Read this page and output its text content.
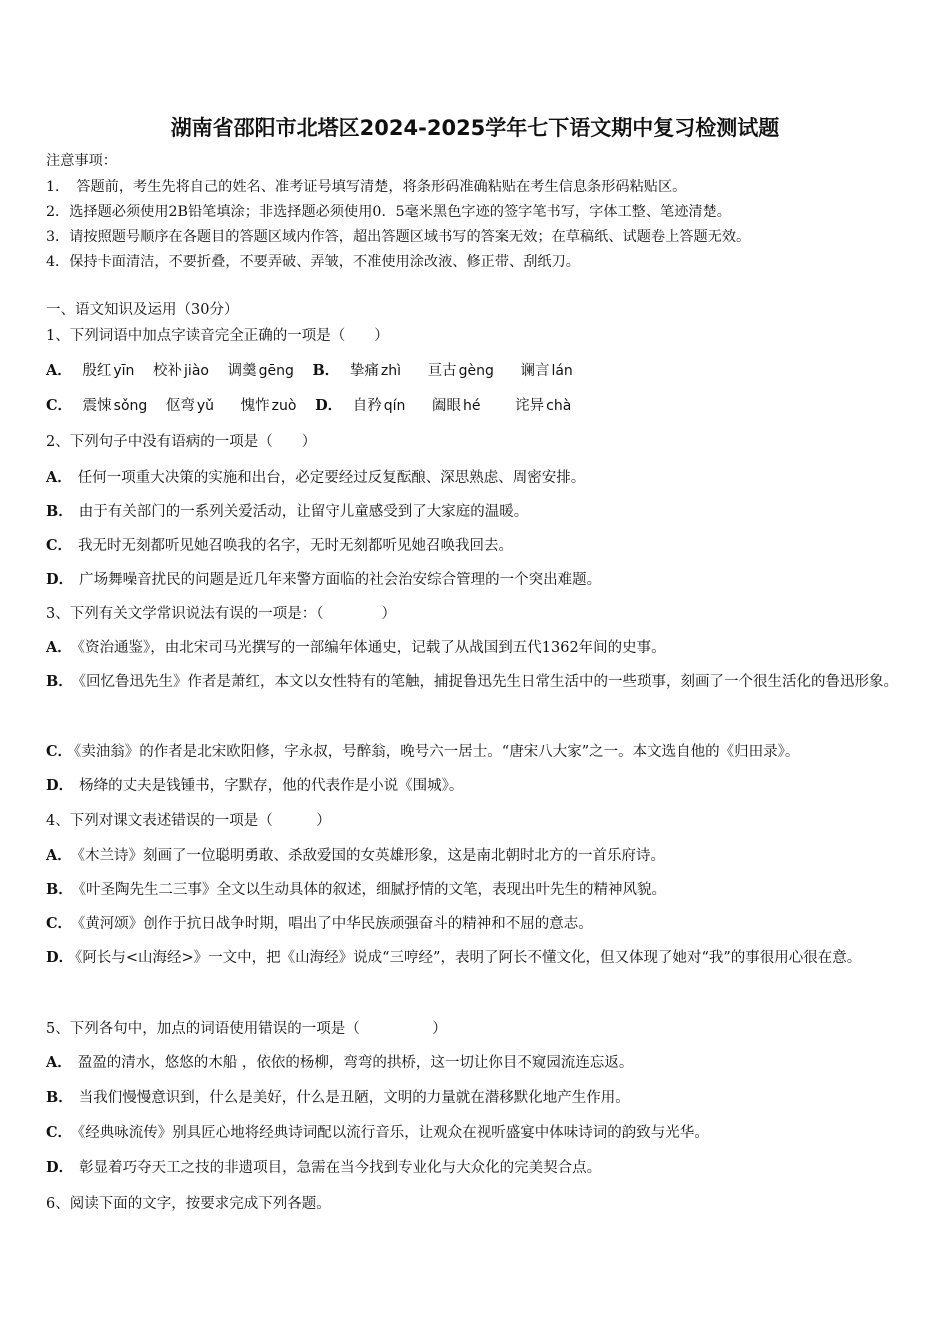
湖南省邵阳市北塔区2024-2025学年七下语文期中复习检测试题
注意事项：
1．　答题前，考生先将自己的姓名、准考证号填写清楚，将条形码准确粘贴在考生信息条形码粘贴区。
2．选择题必须使用2B铅笔填涂；非选择题必须使用0．5毫米黑色字迹的签字笔书写，字体工整、笔迹清楚。
3．请按照题号顺序在各题目的答题区域内作答，超出答题区域书写的答案无效；在草稿纸、试题卷上答题无效。
4．保持卡面清洁，不要折叠，不要弄破、弄皱，不准使用涂改液、修正带、刮纸刀。
一、语文知识及运用（30分）
1、下列词语中加点字读音完全正确的一项是（　　）
A． 殷红 yīn 校补 jiào 调羹 gēng B． 挚痛 zhì 亘古 gèng 谰言 lán
C． 震悚 sǒng 伛弯 yǔ 愧怍 zuò D． 自矜 qín 阖眼 hé 诧异 chà
2、下列句子中没有语病的一项是（　　）
A． 任何一项重大决策的实施和出台，必定要经过反复酝酿、深思熟虑、周密安排。
B． 由于有关部门的一系列关爱活动，让留守儿童感受到了大家庭的温暖。
C． 我无时无刻都听见她召唤我的名字，无时无刻都听见她召唤我回去。
D． 广场舞噪音扰民的问题是近几年来警方面临的社会治安综合管理的一个突出难题。
3、下列有关文学常识说法有误的一项是：（　　　　）
A． 《资治通鉴》，由北宋司马光撰写的一部编年体通史，记载了从战国到五代1362年间的史事。
B． 《回忆鲁迅先生》作者是萧红，本文以女性特有的笔触，捕捉鲁迅先生日常生活中的一些琐事，刻画了一个很生活化的鲁迅形象。
C． 《卖油翁》的作者是北宋欧阳修，字永叔，号醉翁，晚号六一居士。“唐宋八大家”之一。本文选自他的《归田录》。
D． 杨绛的丈夫是钱锺书，字默存，他的代表作是小说《围城》。
4、下列对课文表述错误的一项是（　　　）
A． 《木兰诗》刻画了一位聪明勇敢、杀敌爱国的女英雄形象，这是南北朝时北方的一首乐府诗。
B． 《叶圣陶先生二三事》全文以生动具体的叙述，细腻抒情的文笔，表现出叶先生的精神风貌。
C． 《黄河颂》创作于抗日战争时期，唱出了中华民族顽强奋斗的精神和不屈的意志。
D． 《阿长与<山海经>》一文中，把《山海经》说成“三哼经”，表明了阿长不懂文化，但又体现了她对“我”的事很用心很在意。
5、下列各句中，加点的词语使用错误的一项是（　　　　　）
A． 盈盈的清水，悠悠的木船 ，依依的杨柳，弯弯的拱桥，这一切让你目不窥园流连忘返。
B． 当我们慢慢意识到，什么是美好，什么是丑陋，文明的力量就在潜移默化地产生作用。
C． 《经典咏流传》别具匠心地将经典诗词配以流行音乐，让观众在视听盛宴中体味诗词的韵致与光华。
D． 彰显着巧夺天工之技的非遗项目，急需在当今找到专业化与大众化的完美契合点。
6、阅读下面的文字，按要求完成下列各题。
